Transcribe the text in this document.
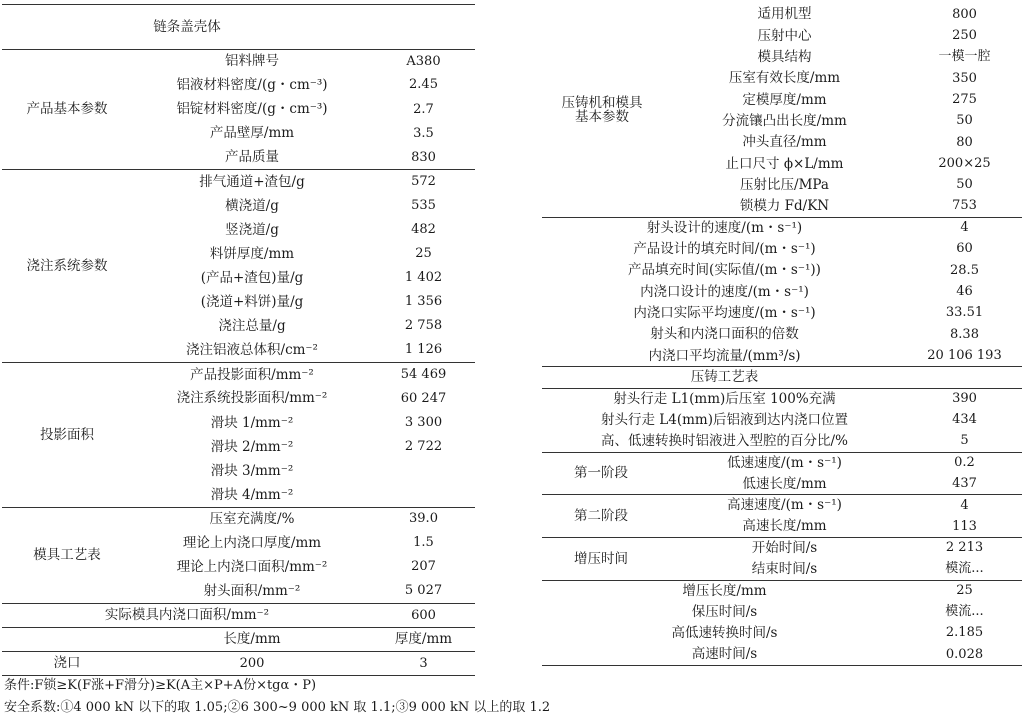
链条盖壳体		
产品基本参数	铝料牌号	A380
	铝液材料密度/(g・cm⁻³)	2.45
	铝锭材料密度/(g・cm⁻³)	2.7
	产品壁厚/mm	3.5
	产品质量	830
浇注系统参数	排气通道+渣包/g	572
	横浇道/g	535
	竖浇道/g	482
	料饼厚度/mm	25
	(产品+渣包)量/g	1 402
	(浇道+料饼)量/g	1 356
	浇注总量/g	2 758
	浇注铝液总体积/cm⁻²	1 126
投影面积	产品投影面积/mm⁻²	54 469
	浇注系统投影面积/mm⁻²	60 247
	滑块 1/mm⁻²	3 300
	滑块 2/mm⁻²	2 722
	滑块 3/mm⁻²	
	滑块 4/mm⁻²	
模具工艺表	压室充满度/%	39.0
	理论上内浇口厚度/mm	1.5
	理论上内浇口面积/mm⁻²	207
	射头面积/mm⁻²	5 027
实际模具内浇口面积/mm⁻²		600
	长度/mm	厚度/mm
浇口	200	3
压铸机和模具
基本参数	适用机型	800
	压射中心	250
	模具结构	一模一腔
	压室有效长度/mm	350
	定模厚度/mm	275
	分流镶凸出长度/mm	50
	冲头直径/mm	80
	止口尺寸 ϕ×L/mm	200×25
	压射比压/MPa	50
	锁模力 Fd/KN	753
射头设计的速度/(m・s⁻¹)		4
产品设计的填充时间/(m・s⁻¹)		60
产品填充时间(实际值/(m・s⁻¹))		28.5
内浇口设计的速度/(m・s⁻¹)		46
内浇口实际平均速度/(m・s⁻¹)		33.51
射头和内浇口面积的倍数		8.38
内浇口平均流量/(mm³/s)		20 106 193
压铸工艺表		
射头行走 L1(mm)后压室 100%充满		390
射头行走 L4(mm)后铝液到达内浇口位置		434
高、低速转换时铝液进入型腔的百分比/%		5
第一阶段	低速速度/(m・s⁻¹)	0.2
	低速长度/mm	437
第二阶段	高速速度/(m・s⁻¹)	4
	高速长度/mm	113
增压时间	开始时间/s	2 213
	结束时间/s	模流...
增压长度/mm		25
保压时间/s		模流...
高低速转换时间/s		2.185
高速时间/s		0.028
条件:F锁≥K(F涨+F滑分)≥K(A主×P+A份×tgα・P)
安全系数:①4 000 kN 以下的取 1.05;②6 300~9 000 kN 取 1.1;③9 000 kN 以上的取 1.2
